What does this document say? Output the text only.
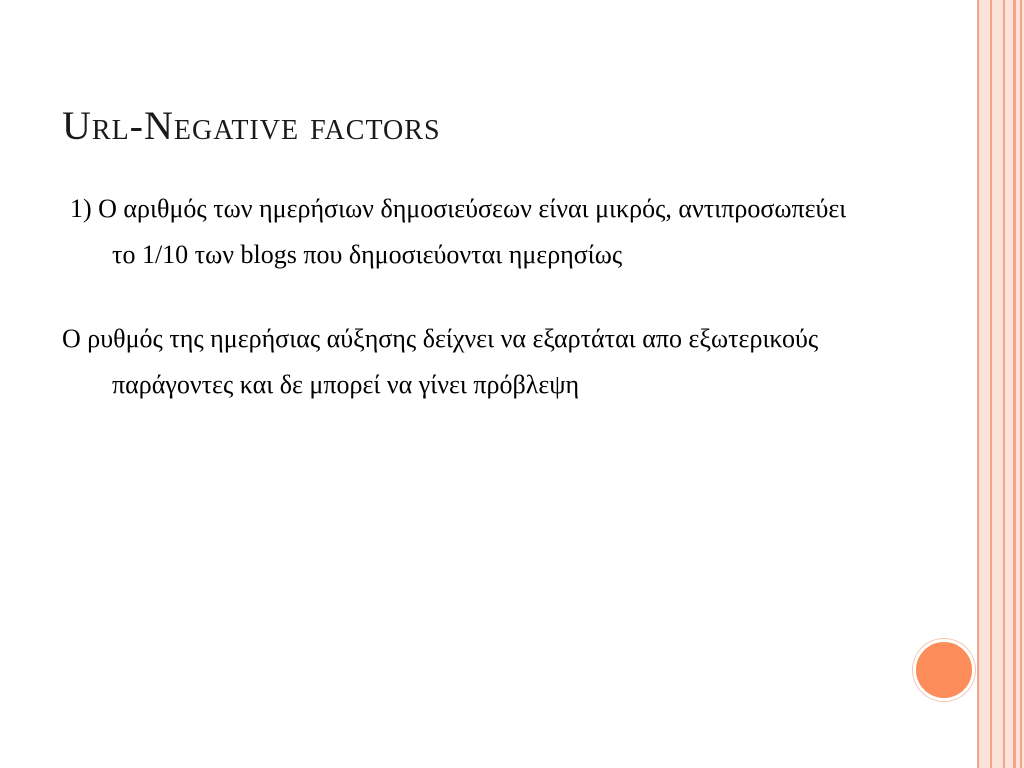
Url-Negative factors

1) Ο αριθμός των ημερήσιων δημοσιεύσεων είναι μικρός, αντιπροσωπεύει το 1/10 των blogs που δημοσιεύονται ημερησίως

Ο ρυθμός της ημερήσιας αύξησης δείχνει να εξαρτάται απο εξωτερικούς παράγοντες και δε μπορεί να γίνει πρόβλεψη
